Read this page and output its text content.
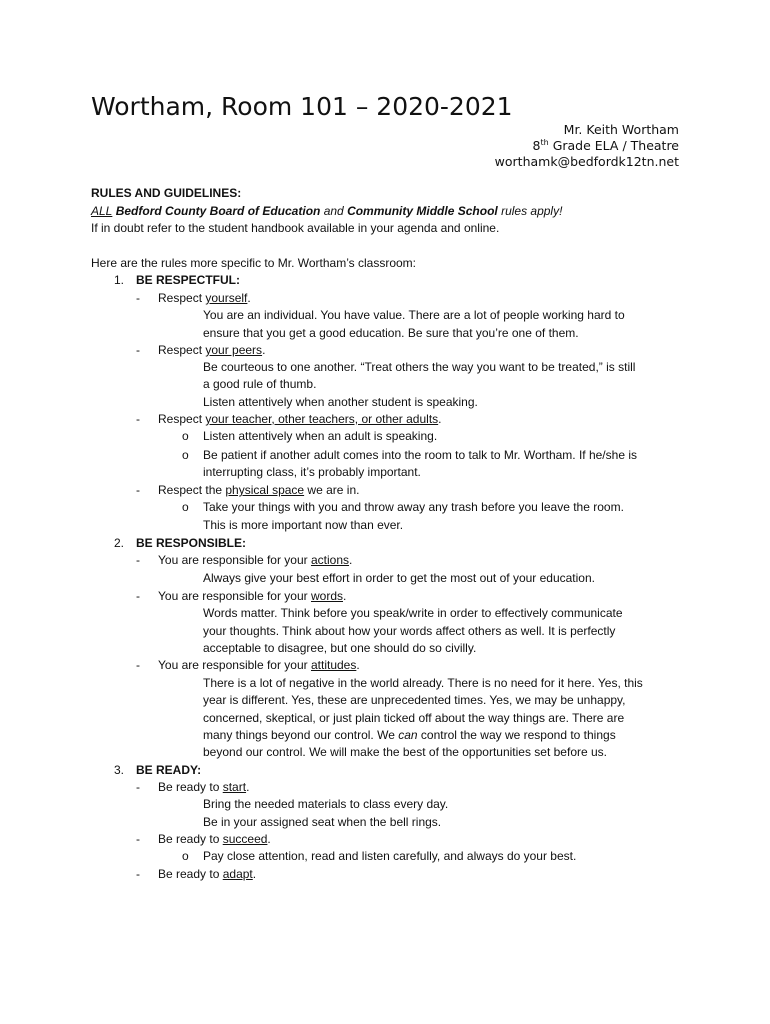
Wortham, Room 101 – 2020-2021
Mr. Keith Wortham
8th Grade ELA / Theatre
worthamk@bedfordk12tn.net
RULES AND GUIDELINES:
ALL Bedford County Board of Education and Community Middle School rules apply!
If in doubt refer to the student handbook available in your agenda and online.
Here are the rules more specific to Mr. Wortham’s classroom:
1. BE RESPECTFUL:
- Respect yourself.
You are an individual. You have value. There are a lot of people working hard to
ensure that you get a good education. Be sure that you’re one of them.
- Respect your peers.
Be courteous to one another. “Treat others the way you want to be treated,” is still
a good rule of thumb.
Listen attentively when another student is speaking.
- Respect your teacher, other teachers, or other adults.
o Listen attentively when an adult is speaking.
o Be patient if another adult comes into the room to talk to Mr. Wortham. If he/she is
interrupting class, it’s probably important.
- Respect the physical space we are in.
o Take your things with you and throw away any trash before you leave the room.
This is more important now than ever.
2. BE RESPONSIBLE:
- You are responsible for your actions.
Always give your best effort in order to get the most out of your education.
- You are responsible for your words.
Words matter. Think before you speak/write in order to effectively communicate
your thoughts. Think about how your words affect others as well. It is perfectly
acceptable to disagree, but one should do so civilly.
- You are responsible for your attitudes.
There is a lot of negative in the world already. There is no need for it here. Yes, this
year is different. Yes, these are unprecedented times. Yes, we may be unhappy,
concerned, skeptical, or just plain ticked off about the way things are. There are
many things beyond our control. We can control the way we respond to things
beyond our control. We will make the best of the opportunities set before us.
3. BE READY:
- Be ready to start.
Bring the needed materials to class every day.
Be in your assigned seat when the bell rings.
- Be ready to succeed.
o Pay close attention, read and listen carefully, and always do your best.
- Be ready to adapt.
